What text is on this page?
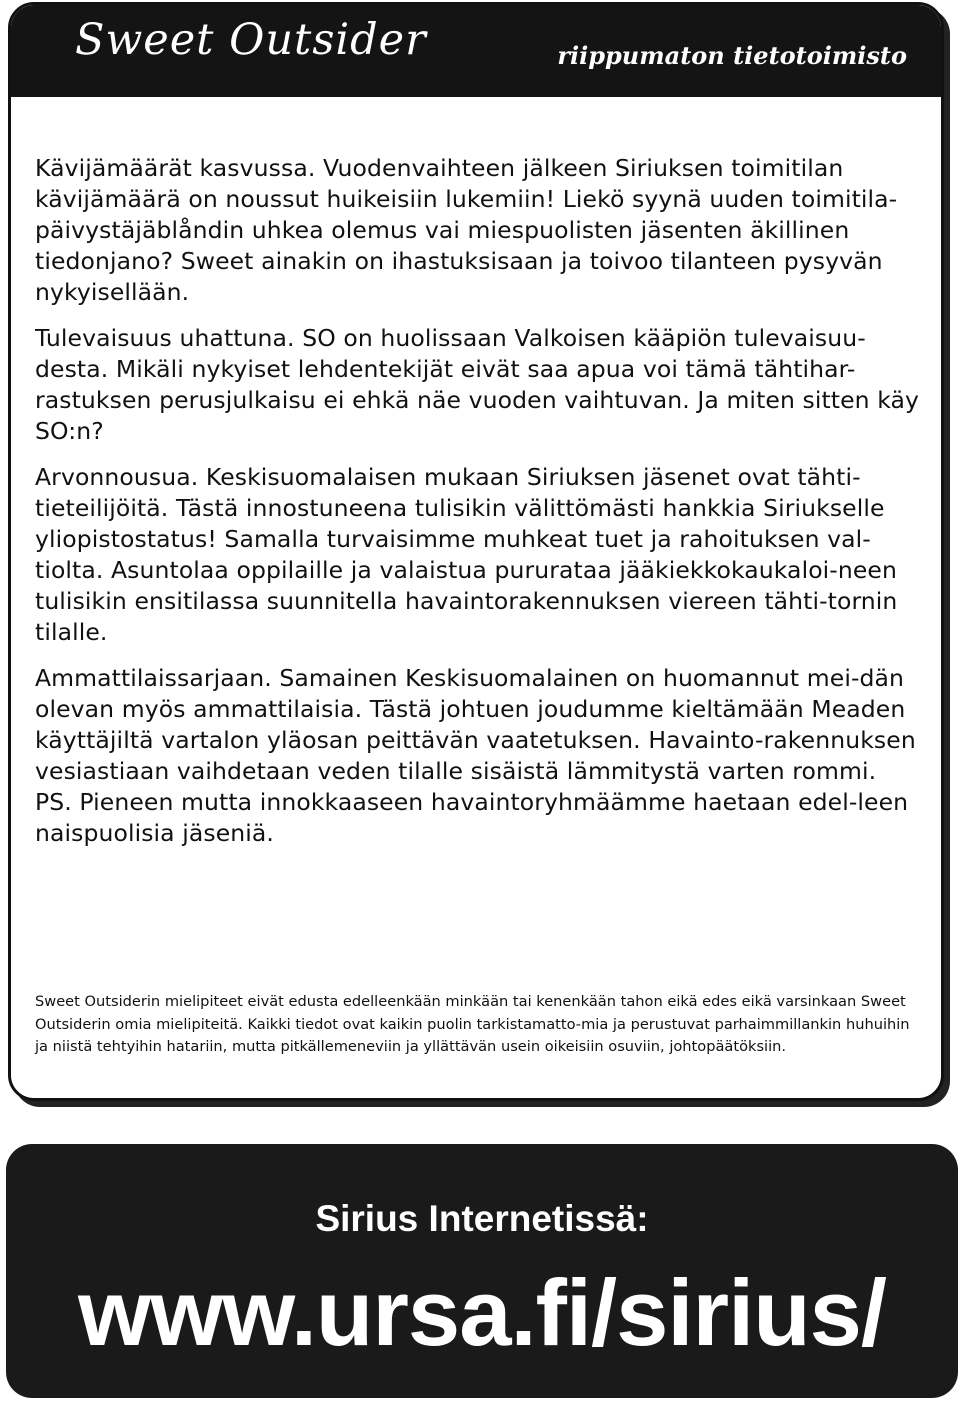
Sweet Outsider	riippumaton tietotoimisto

Kävijämäärät kasvussa. Vuodenvaihteen jälkeen Siriuksen toimitilan kävijämäärä on noussut huikeisiin lukemiin! Liekö syynä uuden toimitila-päivystäjäblåndin uhkea olemus vai miespuolisten jäsenten äkillinen tiedonjano? Sweet ainakin on ihastuksisaan ja toivoo tilanteen pysyvän nykyisellään.

Tulevaisuus uhattuna. SO on huolissaan Valkoisen kääpiön tulevaisuu-desta. Mikäli nykyiset lehdentekijät eivät saa apua voi tämä tähtihar-rastuksen perusjulkaisu ei ehkä näe vuoden vaihtuvan. Ja miten sitten käy SO:n?

Arvonnousua. Keskisuomalaisen mukaan Siriuksen jäsenet ovat tähti-tieteilijöitä. Tästä innostuneena tulisikin välittömästi hankkia Siriukselle yliopistostatus! Samalla turvaisimme muhkeat tuet ja rahoituksen val-tiolta. Asuntolaa oppilaille ja valaistua pururataa jääkiekkokaukaloi-neen tulisikin ensitilassa suunnitella havaintorakennuksen viereen tähti-tornin tilalle.

Ammattilaissarjaan. Samainen Keskisuomalainen on huomannut mei-dän olevan myös ammattilaisia. Tästä johtuen joudumme kieltämään Meaden käyttäjiltä vartalon yläosan peittävän vaatetuksen. Havainto-rakennuksen vesiastiaan vaihdetaan veden tilalle sisäistä lämmitystä varten rommi.

PS. Pieneen mutta innokkaaseen havaintoryhmäämme haetaan edel-leen naispuolisia jäseniä.

Sweet Outsiderin mielipiteet eivät edusta edelleenkään minkään tai kenenkään tahon eikä edes eikä varsinkaan Sweet Outsiderin omia mielipiteitä. Kaikki tiedot ovat kaikin puolin tarkistamatto-mia ja perustuvat parhaimmillankin huhuihin ja niistä tehtyihin hatariin, mutta pitkällemeneviin ja yllättävän usein oikeisiin osuviin, johtopäätöksiin.
Sirius Internetissä:
www.ursa.fi/sirius/
